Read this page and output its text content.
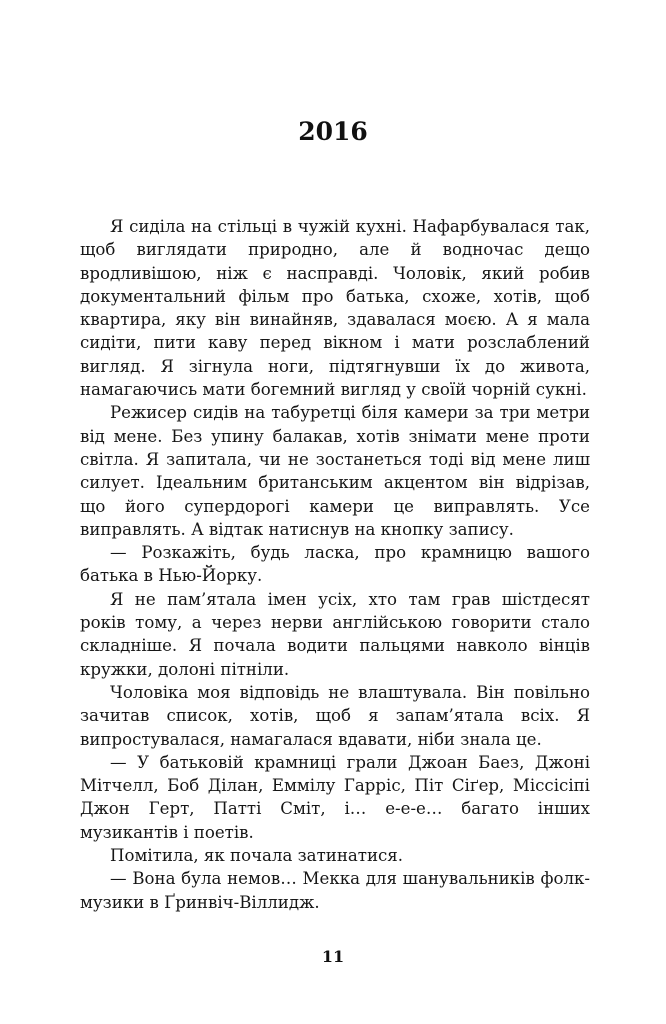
2016

Я сиділа на стільці в чужій кухні. Нафарбувалася так, щоб виглядати природно, але й водночас дещо вродливішою, ніж є насправді. Чоловік, який робив документальний фільм про батька, схоже, хотів, щоб квартира, яку він винайняв, здавалася моєю. А я мала сидіти, пити каву перед вікном і мати розслаблений вигляд. Я зігнула ноги, підтягнувши їх до живота, намагаючись мати богемний вигляд у своїй чорній сукні.

Режисер сидів на табуретці біля камери за три метри від мене. Без упину балакав, хотів знімати мене проти світла. Я запитала, чи не зостанеться тоді від мене лиш силует. Ідеальним британським акцентом він відрізав, що його супердорогі камери це виправлять. Усе виправлять. А відтак натиснув на кнопку запису.

— Розкажіть, будь ласка, про крамницю вашого батька в Нью-Йорку.

Я не пам’ятала імен усіх, хто там грав шістдесят років тому, а через нерви англійською говорити стало складніше. Я почала водити пальцями навколо вінців кружки, долоні пітніли.

Чоловіка моя відповідь не влаштувала. Він повільно зачитав список, хотів, щоб я запам’ятала всіх. Я випростувалася, намагалася вдавати, ніби знала це.

— У батьковій крамниці грали Джоан Баез, Джоні Мітчелл, Боб Ділан, Еммілу Гарріс, Піт Сіґер, Міссісіпі Джон Герт, Патті Сміт, і… е-е-е… багато інших музикантів і поетів.

Помітила, як почала затинатися.

— Вона була немов… Мекка для шанувальників фолк-музики в Ґринвіч-Віллидж.

11
